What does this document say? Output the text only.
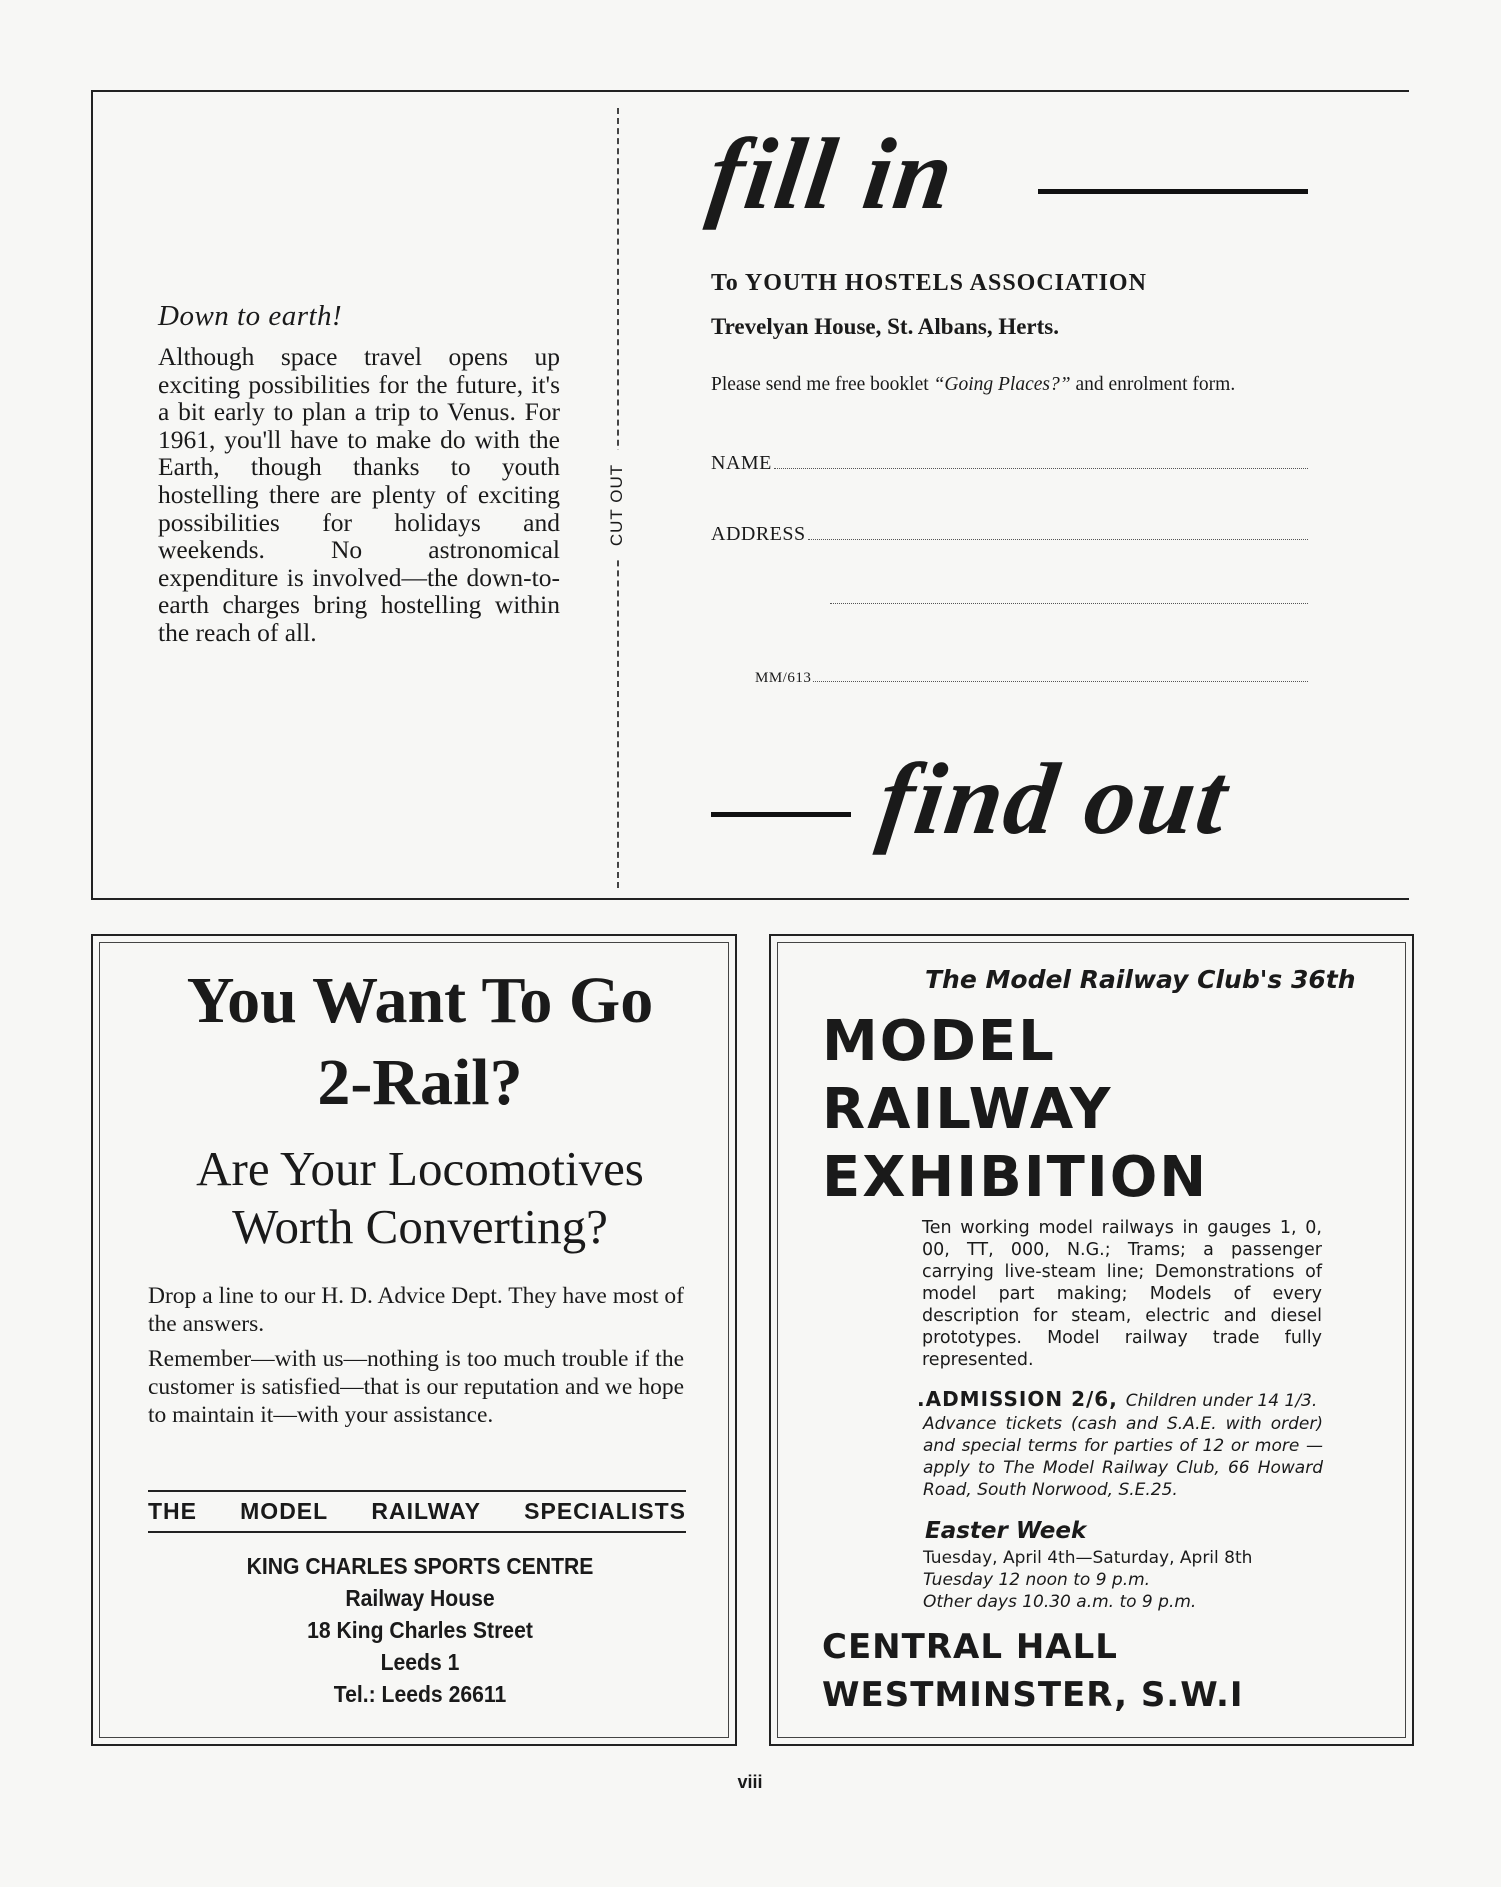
Down to earth!

Although space travel opens up exciting possibilities for the future, it's a bit early to plan a trip to Venus. For 1961, you'll have to make do with the Earth, though thanks to youth hostelling there are plenty of exciting possibilities for holidays and weekends. No astronomical expenditure is involved—the down-to-earth charges bring hostelling within the reach of all.

CUT OUT
fill in
To YOUTH HOSTELS ASSOCIATION
Trevelyan House, St. Albans, Herts.
Please send me free booklet “Going Places?” and enrolment form.
NAME
ADDRESS
MM/613
find out
You Want To Go
2-Rail?
Are Your Locomotives
Worth Converting?

Drop a line to our H. D. Advice Dept. They have most of the answers.

Remember—with us—nothing is too much trouble if the customer is satisfied—that is our reputation and we hope to maintain it—with your assistance.

THE MODEL RAILWAY SPECIALISTS
KING CHARLES SPORTS CENTRE
Railway House
18 King Charles Street
Leeds 1
Tel.: Leeds 26611
The Model Railway Club's 36th
MODEL
RAILWAY
EXHIBITION
Ten working model railways in gauges 1, 0, 00, TT, 000, N.G.; Trams; a passenger carrying live-steam line; Demonstrations of model part making; Models of every description for steam, electric and diesel prototypes. Model railway trade fully represented.
.ADMISSION 2/6, Children under 14 1/3.
Advance tickets (cash and S.A.E. with order) and special terms for parties of 12 or more —apply to The Model Railway Club, 66 Howard Road, South Norwood, S.E.25.
Easter Week
Tuesday, April 4th—Saturday, April 8th
Tuesday 12 noon to 9 p.m.
Other days 10.30 a.m. to 9 p.m.
CENTRAL HALL
WESTMINSTER, S.W.I
viii
